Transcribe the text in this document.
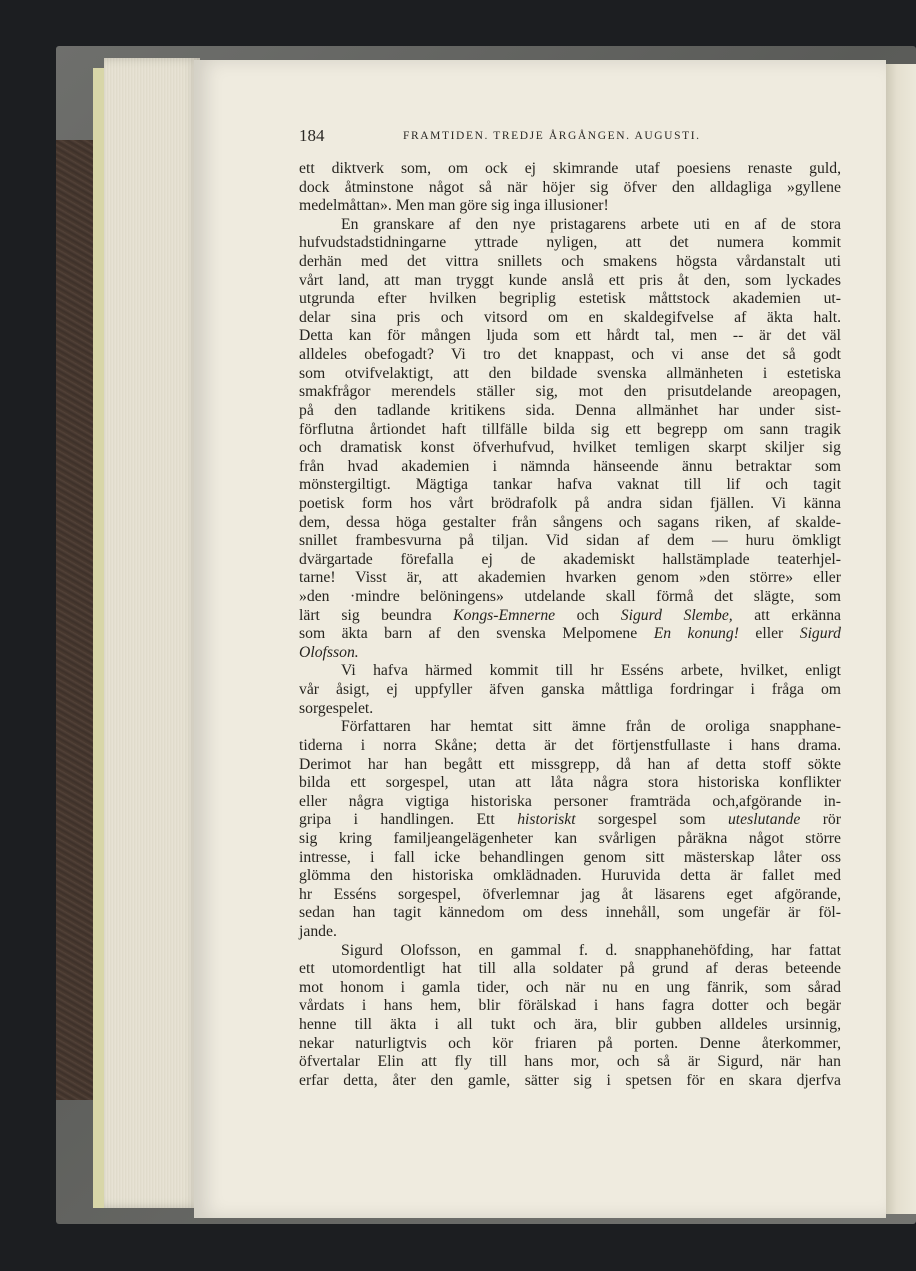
184	FRAMTIDEN. TREDJE ÅRGÅNGEN. AUGUSTI.
ett diktverk som, om ock ej skimrande utaf poesiens renaste guld,
dock åtminstone något så när höjer sig öfver den alldagliga »gyllene
medelmåttan». Men man göre sig inga illusioner!
En granskare af den nye pristagarens arbete uti en af de stora
hufvudstadstidningarne yttrade nyligen, att det numera kommit
derhän med det vittra snillets och smakens högsta vårdanstalt uti
vårt land, att man tryggt kunde anslå ett pris åt den, som lyckades
utgrunda efter hvilken begriplig estetisk måttstock akademien ut-
delar sina pris och vitsord om en skaldegifvelse af äkta halt.
Detta kan för mången ljuda som ett hårdt tal, men -- är det väl
alldeles obefogadt? Vi tro det knappast, och vi anse det så godt
som otvifvelaktigt, att den bildade svenska allmänheten i estetiska
smakfrågor merendels ställer sig, mot den prisutdelande areopagen,
på den tadlande kritikens sida. Denna allmänhet har under sist-
förflutna årtiondet haft tillfälle bilda sig ett begrepp om sann tragik
och dramatisk konst öfverhufvud, hvilket temligen skarpt skiljer sig
från hvad akademien i nämnda hänseende ännu betraktar som
mönstergiltigt. Mägtiga tankar hafva vaknat till lif och tagit
poetisk form hos vårt brödrafolk på andra sidan fjällen. Vi känna
dem, dessa höga gestalter från sångens och sagans riken, af skalde-
snillet frambesvurna på tiljan. Vid sidan af dem — huru ömkligt
dvärgartade förefalla ej de akademiskt hallstämplade teaterhjel-
tarne! Visst är, att akademien hvarken genom »den större» eller
»den ·mindre belöningens» utdelande skall förmå det slägte, som
lärt sig beundra Kongs-Emnerne och Sigurd Slembe, att erkänna
som äkta barn af den svenska Melpomene En konung! eller Sigurd
Olofsson.
Vi hafva härmed kommit till hr Esséns arbete, hvilket, enligt
vår åsigt, ej uppfyller äfven ganska måttliga fordringar i fråga om
sorgespelet.
Författaren har hemtat sitt ämne från de oroliga snapphane-
tiderna i norra Skåne; detta är det förtjenstfullaste i hans drama.
Derimot har han begått ett missgrepp, då han af detta stoff sökte
bilda ett sorgespel, utan att låta några stora historiska konflikter
eller några vigtiga historiska personer framträda och,afgörande in-
gripa i handlingen. Ett historiskt sorgespel som uteslutande rör
sig kring familjeangelägenheter kan svårligen påräkna något större
intresse, i fall icke behandlingen genom sitt mästerskap låter oss
glömma den historiska omklädnaden. Huruvida detta är fallet med
hr Esséns sorgespel, öfverlemnar jag åt läsarens eget afgörande,
sedan han tagit kännedom om dess innehåll, som ungefär är föl-
jande.
Sigurd Olofsson, en gammal f. d. snapphanehöfding, har fattat
ett utomordentligt hat till alla soldater på grund af deras beteende
mot honom i gamla tider, och när nu en ung fänrik, som sårad
vårdats i hans hem, blir förälskad i hans fagra dotter och begär
henne till äkta i all tukt och ära, blir gubben alldeles ursinnig,
nekar naturligtvis och kör friaren på porten. Denne återkommer,
öfvertalar Elin att fly till hans mor, och så är Sigurd, när han
erfar detta, åter den gamle, sätter sig i spetsen för en skara djerfva
